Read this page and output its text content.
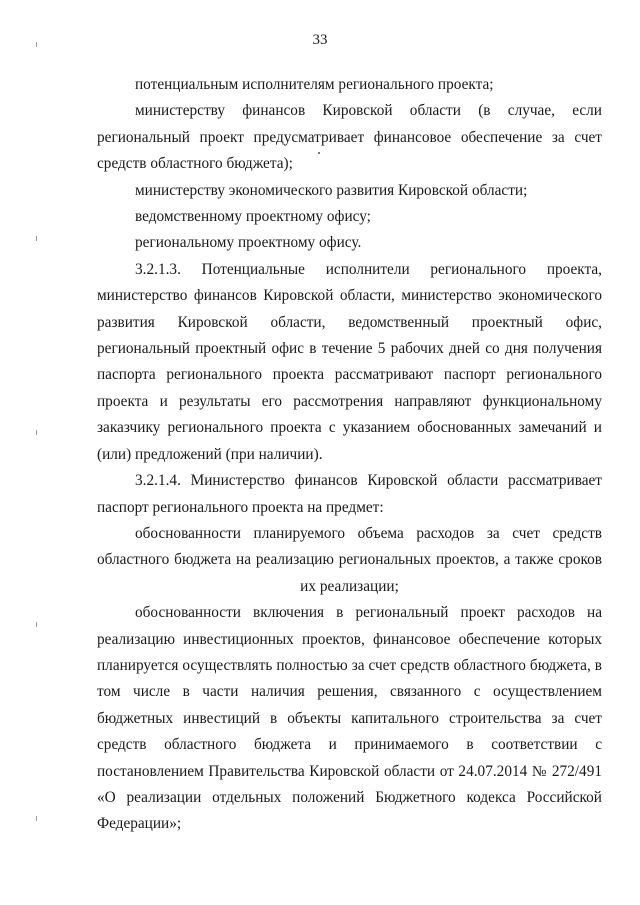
33

потенциальным исполнителям регионального проекта;

министерству финансов Кировской области (в случае, если региональный проект предусматривает финансовое обеспечение за счет средств областного бюджета);

министерству экономического развития Кировской области;

ведомственному проектному офису;

региональному проектному офису.

3.2.1.3. Потенциальные исполнители регионального проекта, министерство финансов Кировской области, министерство экономического развития Кировской области, ведомственный проектный офис, региональный проектный офис в течение 5 рабочих дней со дня получения паспорта регионального проекта рассматривают паспорт регионального проекта и результаты его рассмотрения направляют функциональному заказчику регионального проекта с указанием обоснованных замечаний и (или) предложений (при наличии).

3.2.1.4. Министерство финансов Кировской области рассматривает паспорт регионального проекта на предмет:

обоснованности планируемого объема расходов за счет средств областного бюджета на реализацию региональных проектов, а также сроков их реализации;

обоснованности включения в региональный проект расходов на реализацию инвестиционных проектов, финансовое обеспечение которых планируется осуществлять полностью за счет средств областного бюджета, в том числе в части наличия решения, связанного с осуществлением бюджетных инвестиций в объекты капитального строительства за счет средств областного бюджета и принимаемого в соответствии с постановлением Правительства Кировской области от 24.07.2014 № 272/491 «О реализации отдельных положений Бюджетного кодекса Российской Федерации»;
